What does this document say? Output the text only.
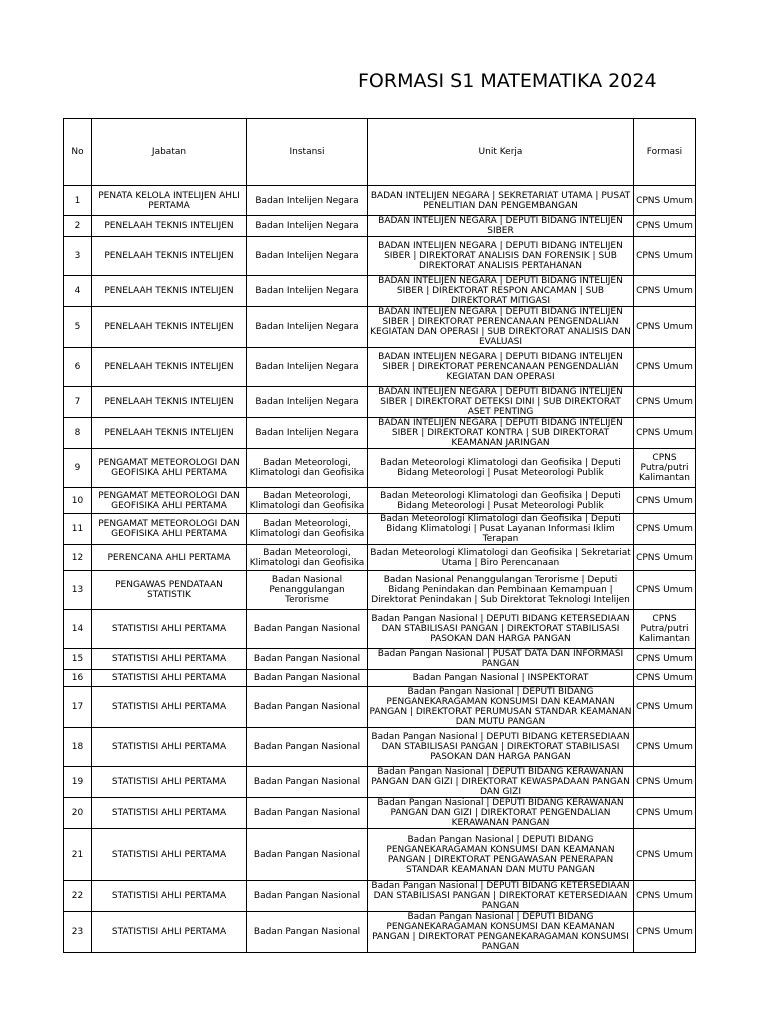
FORMASI S1 MATEMATIKA 2024
No	Jabatan	Instansi	Unit Kerja	Formasi
1	PENATA KELOLA INTELIJEN AHLI PERTAMA	Badan Intelijen Negara	BADAN INTELIJEN NEGARA | SEKRETARIAT UTAMA | PUSAT PENELITIAN DAN PENGEMBANGAN	CPNS Umum
2	PENELAAH TEKNIS INTELIJEN	Badan Intelijen Negara	BADAN INTELIJEN NEGARA | DEPUTI BIDANG INTELIJEN SIBER	CPNS Umum
3	PENELAAH TEKNIS INTELIJEN	Badan Intelijen Negara	BADAN INTELIJEN NEGARA | DEPUTI BIDANG INTELIJEN SIBER | DIREKTORAT ANALISIS DAN FORENSIK | SUB DIREKTORAT ANALISIS PERTAHANAN	CPNS Umum
4	PENELAAH TEKNIS INTELIJEN	Badan Intelijen Negara	BADAN INTELIJEN NEGARA | DEPUTI BIDANG INTELIJEN SIBER | DIREKTORAT RESPON ANCAMAN | SUB DIREKTORAT MITIGASI	CPNS Umum
5	PENELAAH TEKNIS INTELIJEN	Badan Intelijen Negara	BADAN INTELIJEN NEGARA | DEPUTI BIDANG INTELIJEN SIBER | DIREKTORAT PERENCANAAN PENGENDALIAN KEGIATAN DAN OPERASI | SUB DIREKTORAT ANALISIS DAN EVALUASI	CPNS Umum
6	PENELAAH TEKNIS INTELIJEN	Badan Intelijen Negara	BADAN INTELIJEN NEGARA | DEPUTI BIDANG INTELIJEN SIBER | DIREKTORAT PERENCANAAN PENGENDALIAN KEGIATAN DAN OPERASI	CPNS Umum
7	PENELAAH TEKNIS INTELIJEN	Badan Intelijen Negara	BADAN INTELIJEN NEGARA | DEPUTI BIDANG INTELIJEN SIBER | DIREKTORAT DETEKSI DINI | SUB DIREKTORAT ASET PENTING	CPNS Umum
8	PENELAAH TEKNIS INTELIJEN	Badan Intelijen Negara	BADAN INTELIJEN NEGARA | DEPUTI BIDANG INTELIJEN SIBER | DIREKTORAT KONTRA | SUB DIREKTORAT KEAMANAN JARINGAN	CPNS Umum
9	PENGAMAT METEOROLOGI DAN GEOFISIKA AHLI PERTAMA	Badan Meteorologi, Klimatologi dan Geofisika	Badan Meteorologi Klimatologi dan Geofisika | Deputi Bidang Meteorologi | Pusat Meteorologi Publik	CPNS Putra/putri Kalimantan
10	PENGAMAT METEOROLOGI DAN GEOFISIKA AHLI PERTAMA	Badan Meteorologi, Klimatologi dan Geofisika	Badan Meteorologi Klimatologi dan Geofisika | Deputi Bidang Meteorologi | Pusat Meteorologi Publik	CPNS Umum
11	PENGAMAT METEOROLOGI DAN GEOFISIKA AHLI PERTAMA	Badan Meteorologi, Klimatologi dan Geofisika	Badan Meteorologi Klimatologi dan Geofisika | Deputi Bidang Klimatologi | Pusat Layanan Informasi Iklim Terapan	CPNS Umum
12	PERENCANA AHLI PERTAMA	Badan Meteorologi, Klimatologi dan Geofisika	Badan Meteorologi Klimatologi dan Geofisika | Sekretariat Utama | Biro Perencanaan	CPNS Umum
13	PENGAWAS PENDATAAN STATISTIK	Badan Nasional Penanggulangan Terorisme	Badan Nasional Penanggulangan Terorisme | Deputi Bidang Penindakan dan Pembinaan Kemampuan | Direktorat Penindakan | Sub Direktorat Teknologi Intelijen	CPNS Umum
14	STATISTISI AHLI PERTAMA	Badan Pangan Nasional	Badan Pangan Nasional | DEPUTI BIDANG KETERSEDIAAN DAN STABILISASI PANGAN | DIREKTORAT STABILISASI PASOKAN DAN HARGA PANGAN	CPNS Putra/putri Kalimantan
15	STATISTISI AHLI PERTAMA	Badan Pangan Nasional	Badan Pangan Nasional | PUSAT DATA DAN INFORMASI PANGAN	CPNS Umum
16	STATISTISI AHLI PERTAMA	Badan Pangan Nasional	Badan Pangan Nasional | INSPEKTORAT	CPNS Umum
17	STATISTISI AHLI PERTAMA	Badan Pangan Nasional	Badan Pangan Nasional | DEPUTI BIDANG PENGANEKARAGAMAN KONSUMSI DAN KEAMANAN PANGAN | DIREKTORAT PERUMUSAN STANDAR KEAMANAN DAN MUTU PANGAN	CPNS Umum
18	STATISTISI AHLI PERTAMA	Badan Pangan Nasional	Badan Pangan Nasional | DEPUTI BIDANG KETERSEDIAAN DAN STABILISASI PANGAN | DIREKTORAT STABILISASI PASOKAN DAN HARGA PANGAN	CPNS Umum
19	STATISTISI AHLI PERTAMA	Badan Pangan Nasional	Badan Pangan Nasional | DEPUTI BIDANG KERAWANAN PANGAN DAN GIZI | DIREKTORAT KEWASPADAAN PANGAN DAN GIZI	CPNS Umum
20	STATISTISI AHLI PERTAMA	Badan Pangan Nasional	Badan Pangan Nasional | DEPUTI BIDANG KERAWANAN PANGAN DAN GIZI | DIREKTORAT PENGENDALIAN KERAWANAN PANGAN	CPNS Umum
21	STATISTISI AHLI PERTAMA	Badan Pangan Nasional	Badan Pangan Nasional | DEPUTI BIDANG PENGANEKARAGAMAN KONSUMSI DAN KEAMANAN PANGAN | DIREKTORAT PENGAWASAN PENERAPAN STANDAR KEAMANAN DAN MUTU PANGAN	CPNS Umum
22	STATISTISI AHLI PERTAMA	Badan Pangan Nasional	Badan Pangan Nasional | DEPUTI BIDANG KETERSEDIAAN DAN STABILISASI PANGAN | DIREKTORAT KETERSEDIAAN PANGAN	CPNS Umum
23	STATISTISI AHLI PERTAMA	Badan Pangan Nasional	Badan Pangan Nasional | DEPUTI BIDANG PENGANEKARAGAMAN KONSUMSI DAN KEAMANAN PANGAN | DIREKTORAT PENGANEKARAGAMAN KONSUMSI PANGAN	CPNS Umum
